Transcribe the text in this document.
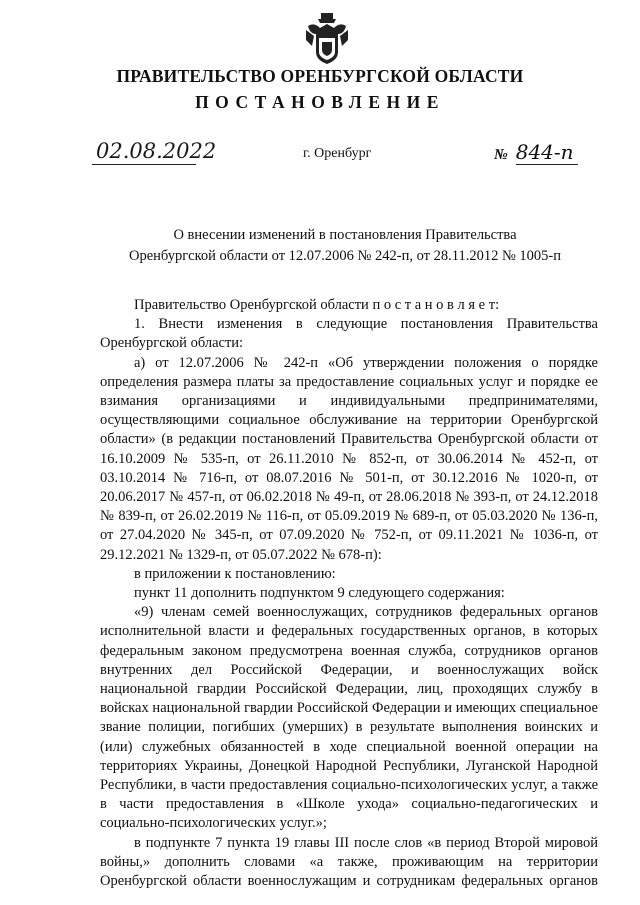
ПРАВИТЕЛЬСТВО ОРЕНБУРГСКОЙ ОБЛАСТИ
ПОСТАНОВЛЕНИЕ
02.08.2022	г. Оренбург	№ 844-п
О внесении изменений в постановления Правительства
Оренбургской области от 12.07.2006 № 242-п, от 28.11.2012 № 1005-п

Правительство Оренбургской области п о с т а н о в л я е т:

1. Внести изменения в следующие постановления Правительства Оренбургской области:

а) от 12.07.2006 № 242-п «Об утверждении положения о порядке определения размера платы за предоставление социальных услуг и порядке ее взимания организациями и индивидуальными предпринимателями, осуществляющими социальное обслуживание на территории Оренбургской области» (в редакции постановлений Правительства Оренбургской области от 16.10.2009 № 535-п, от 26.11.2010 № 852-п, от 30.06.2014 № 452-п, от 03.10.2014 № 716-п, от 08.07.2016 № 501-п, от 30.12.2016 № 1020-п, от 20.06.2017 № 457-п, от 06.02.2018 № 49-п, от 28.06.2018 № 393-п, от 24.12.2018 № 839-п, от 26.02.2019 № 116-п, от 05.09.2019 № 689-п, от 05.03.2020 № 136-п, от 27.04.2020 № 345-п, от 07.09.2020 № 752-п, от 09.11.2021 № 1036-п, от 29.12.2021 № 1329-п, от 05.07.2022 № 678-п):

в приложении к постановлению:

пункт 11 дополнить подпунктом 9 следующего содержания:

«9) членам семей военнослужащих, сотрудников федеральных органов исполнительной власти и федеральных государственных органов, в которых федеральным законом предусмотрена военная служба, сотрудников органов внутренних дел Российской Федерации, и военнослужащих войск национальной гвардии Российской Федерации, лиц, проходящих службу в войсках национальной гвардии Российской Федерации и имеющих специальное звание полиции, погибших (умерших) в результате выполнения воинских и (или) служебных обязанностей в ходе специальной военной операции на территориях Украины, Донецкой Народной Республики, Луганской Народной Республики, в части предоставления социально-психологических услуг, а также в части предоставления в «Школе ухода» социально-педагогических и социально-психологических услуг.»;

в подпункте 7 пункта 19 главы III после слов «в период Второй мировой войны,» дополнить словами «а также, проживающим на территории Оренбургской области военнослужащим и сотрудникам федеральных органов
